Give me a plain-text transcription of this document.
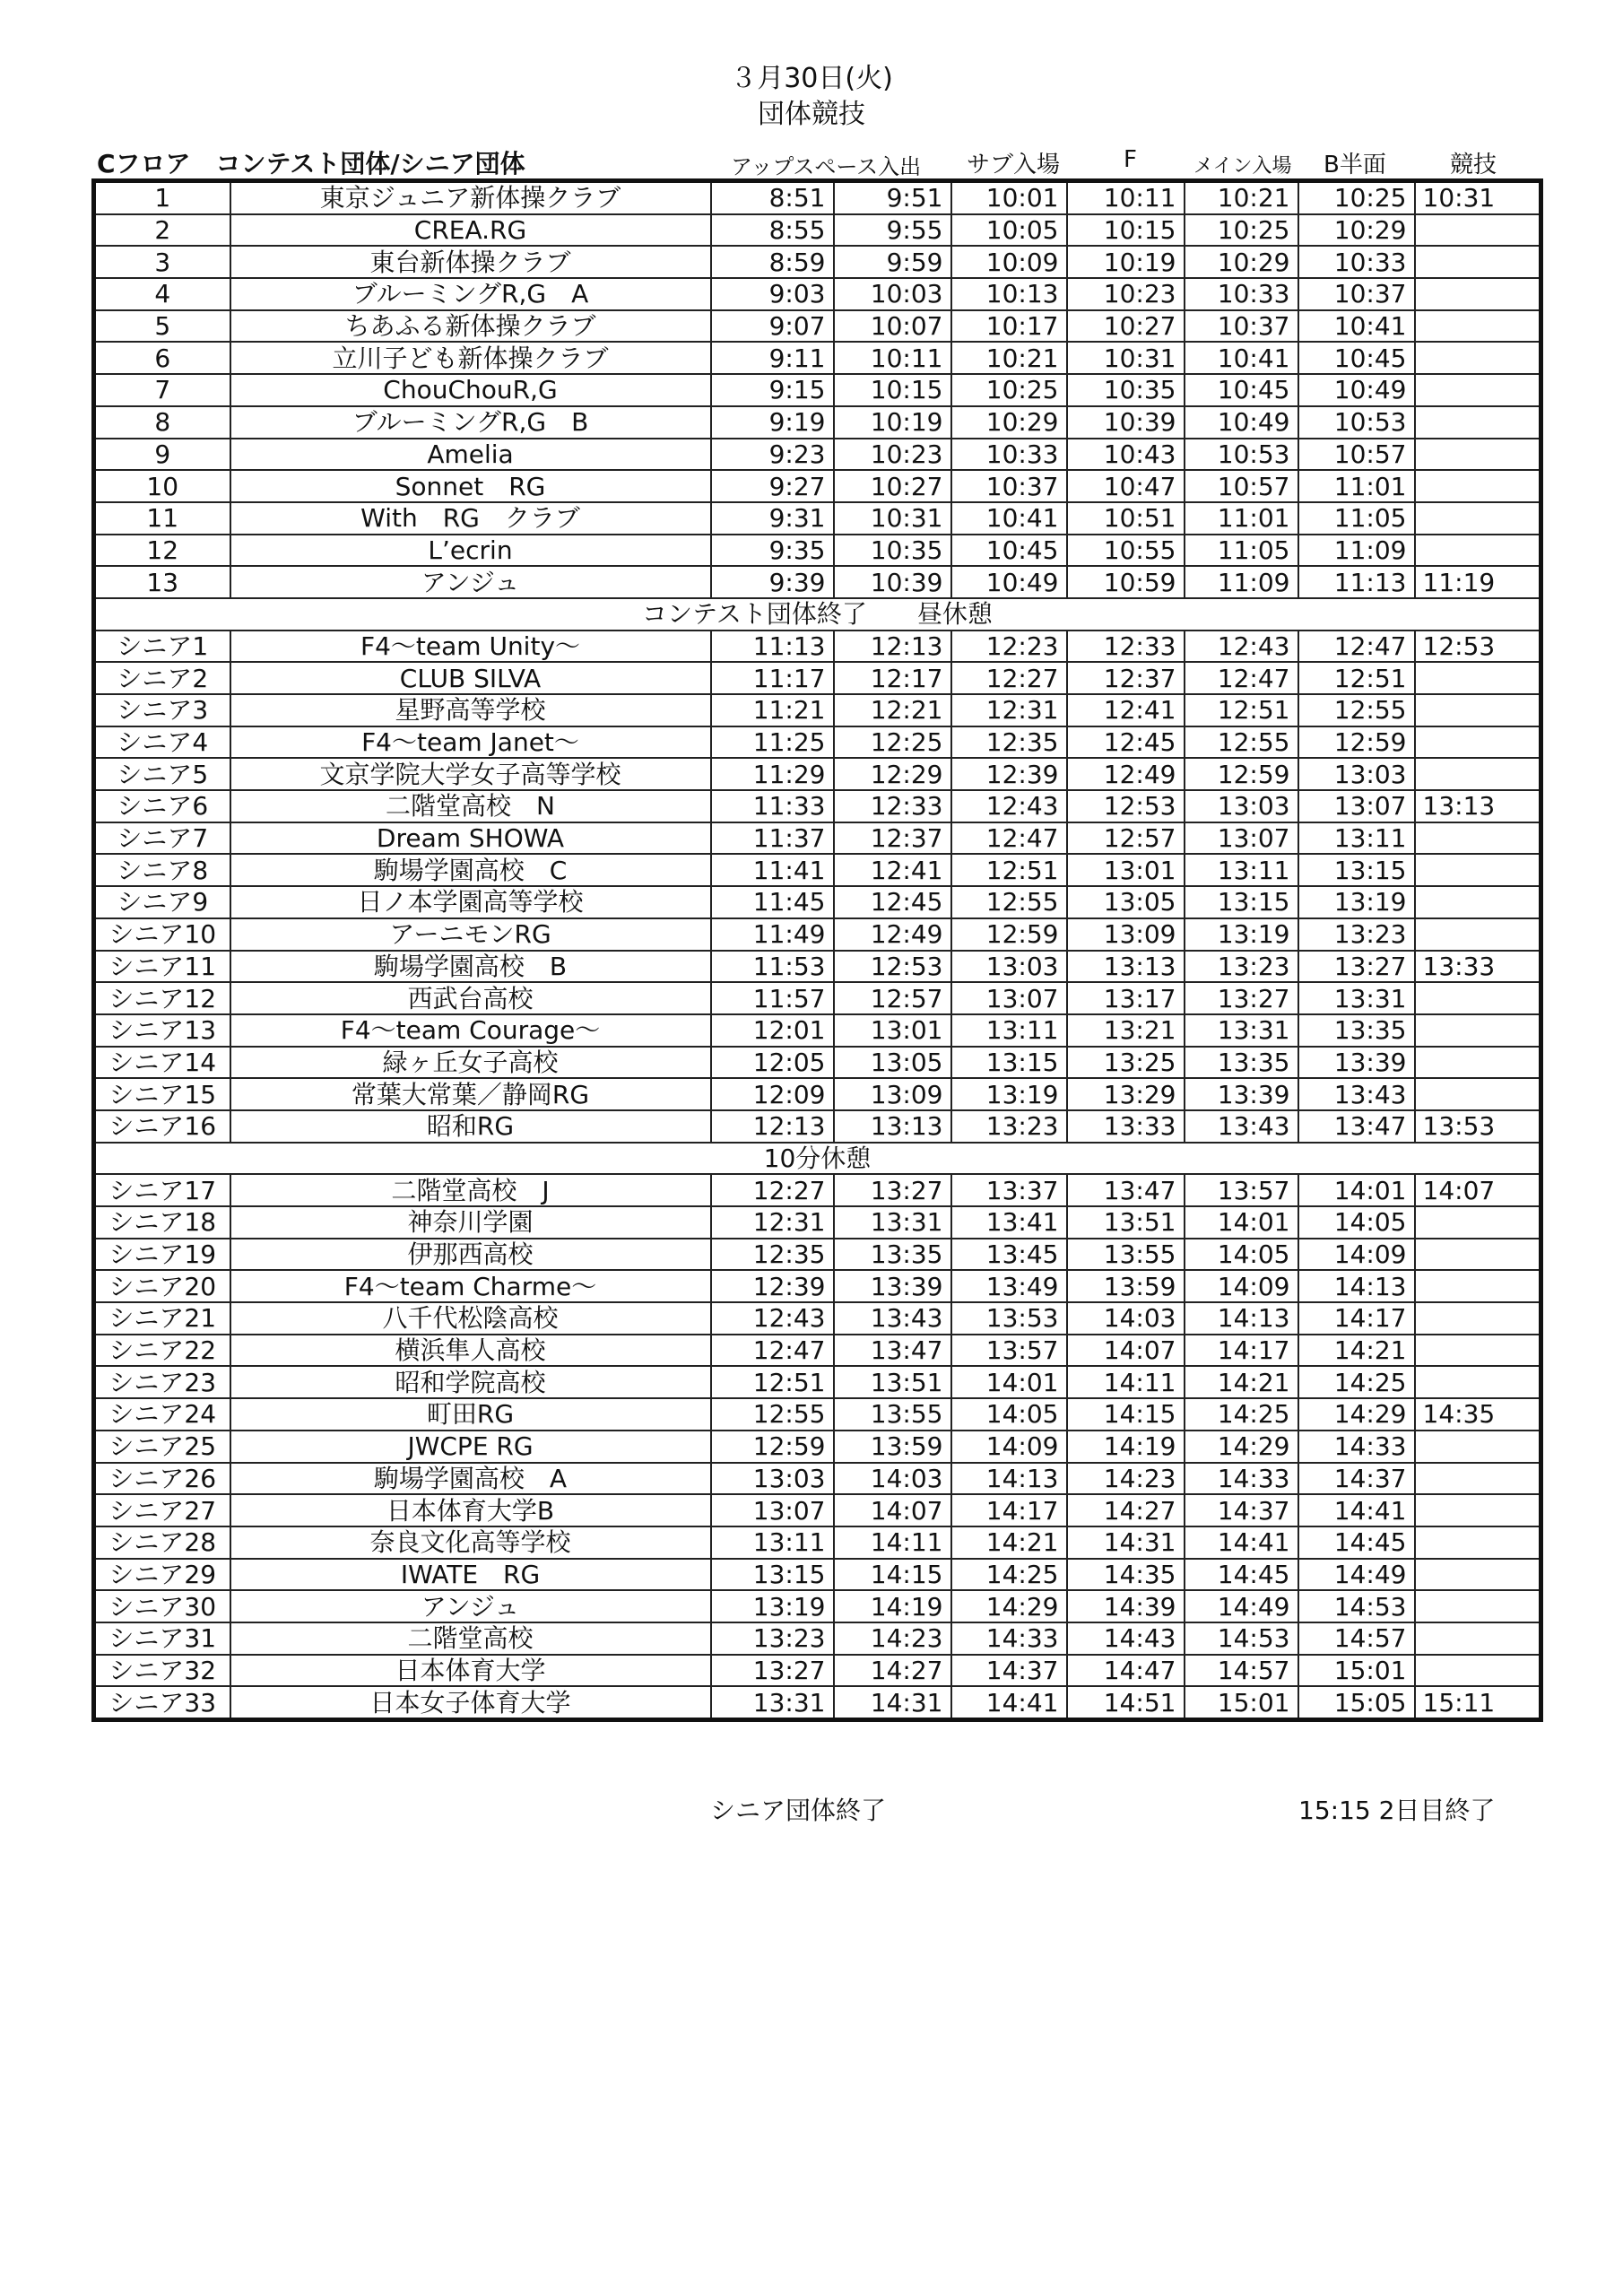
３月30日(火)
団体競技
Cフロア　コンテスト団体/シニア団体	アップスペース入出 サブ入場	F	メイン入場 B半面	競技
1	東京ジュニア新体操クラブ	8:51	9:51	10:01	10:11	10:21	10:25	10:31
2	CREA.RG	8:55	9:55	10:05	10:15	10:25	10:29	
3	東台新体操クラブ	8:59	9:59	10:09	10:19	10:29	10:33	
4	ブルーミングR,G　A	9:03	10:03	10:13	10:23	10:33	10:37	
5	ちあふる新体操クラブ	9:07	10:07	10:17	10:27	10:37	10:41	
6	立川子ども新体操クラブ	9:11	10:11	10:21	10:31	10:41	10:45	
7	ChouChouR,G	9:15	10:15	10:25	10:35	10:45	10:49	
8	ブルーミングR,G　B	9:19	10:19	10:29	10:39	10:49	10:53	
9	Amelia	9:23	10:23	10:33	10:43	10:53	10:57	
10	Sonnet　RG	9:27	10:27	10:37	10:47	10:57	11:01	
11	With　RG　クラブ	9:31	10:31	10:41	10:51	11:01	11:05	
12	L’ecrin	9:35	10:35	10:45	10:55	11:05	11:09	
13	アンジュ	9:39	10:39	10:49	10:59	11:09	11:13	11:19
コンテスト団体終了　　昼休憩								
シニア1	F4〜team Unity〜	11:13	12:13	12:23	12:33	12:43	12:47	12:53
シニア2	CLUB SILVA	11:17	12:17	12:27	12:37	12:47	12:51	
シニア3	星野高等学校	11:21	12:21	12:31	12:41	12:51	12:55	
シニア4	F4〜team Janet〜	11:25	12:25	12:35	12:45	12:55	12:59	
シニア5	文京学院大学女子高等学校	11:29	12:29	12:39	12:49	12:59	13:03	
シニア6	二階堂高校　N	11:33	12:33	12:43	12:53	13:03	13:07	13:13
シニア7	Dream SHOWA	11:37	12:37	12:47	12:57	13:07	13:11	
シニア8	駒場学園高校　C	11:41	12:41	12:51	13:01	13:11	13:15	
シニア9	日ノ本学園高等学校	11:45	12:45	12:55	13:05	13:15	13:19	
シニア10	アーニモンRG	11:49	12:49	12:59	13:09	13:19	13:23	
シニア11	駒場学園高校　B	11:53	12:53	13:03	13:13	13:23	13:27	13:33
シニア12	西武台高校	11:57	12:57	13:07	13:17	13:27	13:31	
シニア13	F4〜team Courage〜	12:01	13:01	13:11	13:21	13:31	13:35	
シニア14	緑ヶ丘女子高校	12:05	13:05	13:15	13:25	13:35	13:39	
シニア15	常葉大常葉／静岡RG	12:09	13:09	13:19	13:29	13:39	13:43	
シニア16	昭和RG	12:13	13:13	13:23	13:33	13:43	13:47	13:53
10分休憩								
シニア17	二階堂高校　J	12:27	13:27	13:37	13:47	13:57	14:01	14:07
シニア18	神奈川学園	12:31	13:31	13:41	13:51	14:01	14:05	
シニア19	伊那西高校	12:35	13:35	13:45	13:55	14:05	14:09	
シニア20	F4〜team Charme〜	12:39	13:39	13:49	13:59	14:09	14:13	
シニア21	八千代松陰高校	12:43	13:43	13:53	14:03	14:13	14:17	
シニア22	横浜隼人高校	12:47	13:47	13:57	14:07	14:17	14:21	
シニア23	昭和学院高校	12:51	13:51	14:01	14:11	14:21	14:25	
シニア24	町田RG	12:55	13:55	14:05	14:15	14:25	14:29	14:35
シニア25	JWCPE RG	12:59	13:59	14:09	14:19	14:29	14:33	
シニア26	駒場学園高校　A	13:03	14:03	14:13	14:23	14:33	14:37	
シニア27	日本体育大学B	13:07	14:07	14:17	14:27	14:37	14:41	
シニア28	奈良文化高等学校	13:11	14:11	14:21	14:31	14:41	14:45	
シニア29	IWATE　RG	13:15	14:15	14:25	14:35	14:45	14:49	
シニア30	アンジュ	13:19	14:19	14:29	14:39	14:49	14:53	
シニア31	二階堂高校	13:23	14:23	14:33	14:43	14:53	14:57	
シニア32	日本体育大学	13:27	14:27	14:37	14:47	14:57	15:01	
シニア33	日本女子体育大学	13:31	14:31	14:41	14:51	15:01	15:05	15:11
シニア団体終了	15:15 2日目終了
